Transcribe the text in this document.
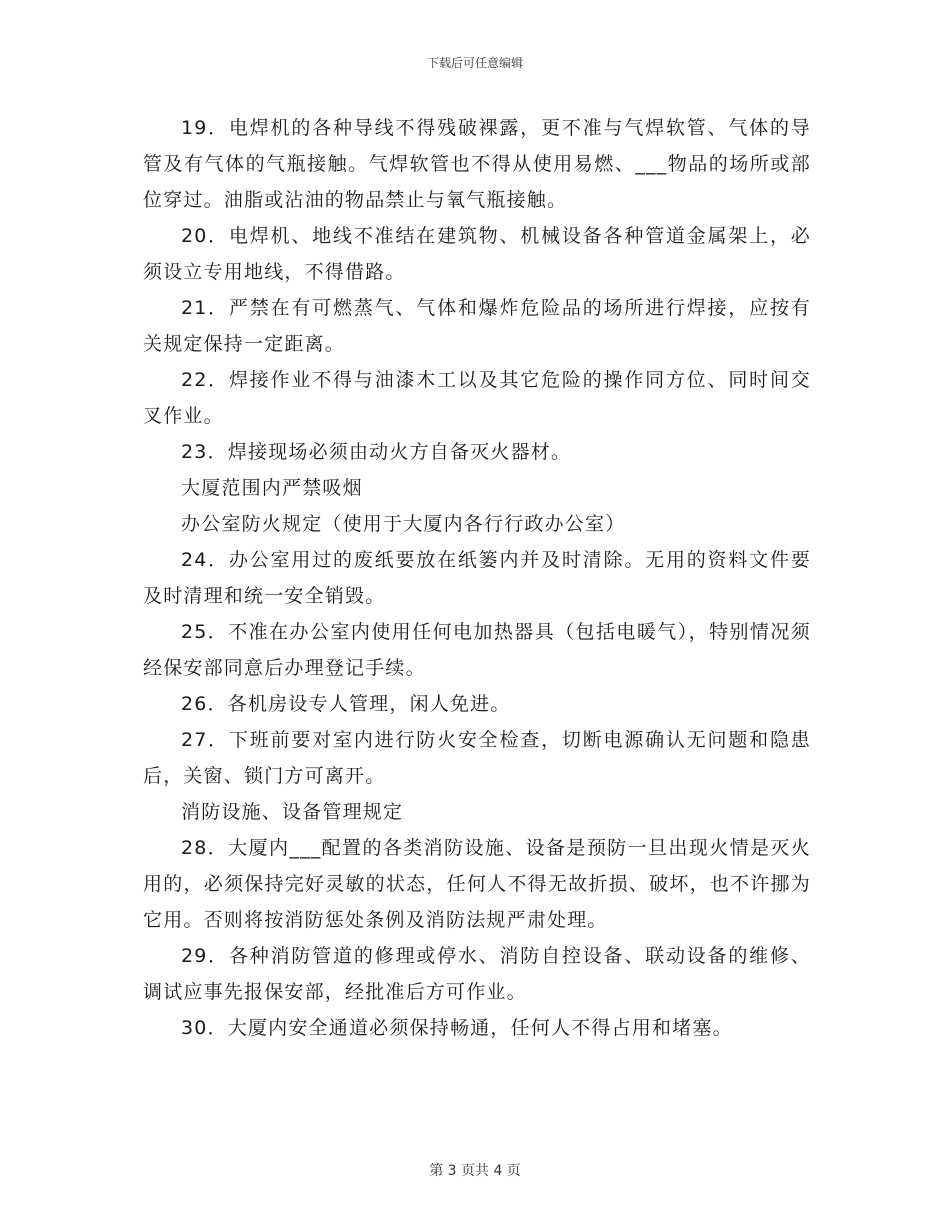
下载后可任意编辑

19．电焊机的各种导线不得残破裸露，更不准与气焊软管、气体的导管及有气体的气瓶接触。气焊软管也不得从使用易燃、___物品的场所或部位穿过。油脂或沾油的物品禁止与氧气瓶接触。

20．电焊机、地线不准结在建筑物、机械设备各种管道金属架上，必须设立专用地线，不得借路。

21．严禁在有可燃蒸气、气体和爆炸危险品的场所进行焊接，应按有关规定保持一定距离。

22．焊接作业不得与油漆木工以及其它危险的操作同方位、同时间交叉作业。

23．焊接现场必须由动火方自备灭火器材。

大厦范围内严禁吸烟

办公室防火规定（使用于大厦内各行行政办公室）

24．办公室用过的废纸要放在纸篓内并及时清除。无用的资料文件要及时清理和统一安全销毁。

25．不准在办公室内使用任何电加热器具（包括电暖气），特别情况须经保安部同意后办理登记手续。

26．各机房设专人管理，闲人免进。

27．下班前要对室内进行防火安全检查，切断电源确认无问题和隐患后，关窗、锁门方可离开。

消防设施、设备管理规定

28．大厦内___配置的各类消防设施、设备是预防一旦出现火情是灭火用的，必须保持完好灵敏的状态，任何人不得无故折损、破坏，也不许挪为它用。否则将按消防惩处条例及消防法规严肃处理。

29．各种消防管道的修理或停水、消防自控设备、联动设备的维修、调试应事先报保安部，经批准后方可作业。

30．大厦内安全通道必须保持畅通，任何人不得占用和堵塞。

第 3 页共 4 页
